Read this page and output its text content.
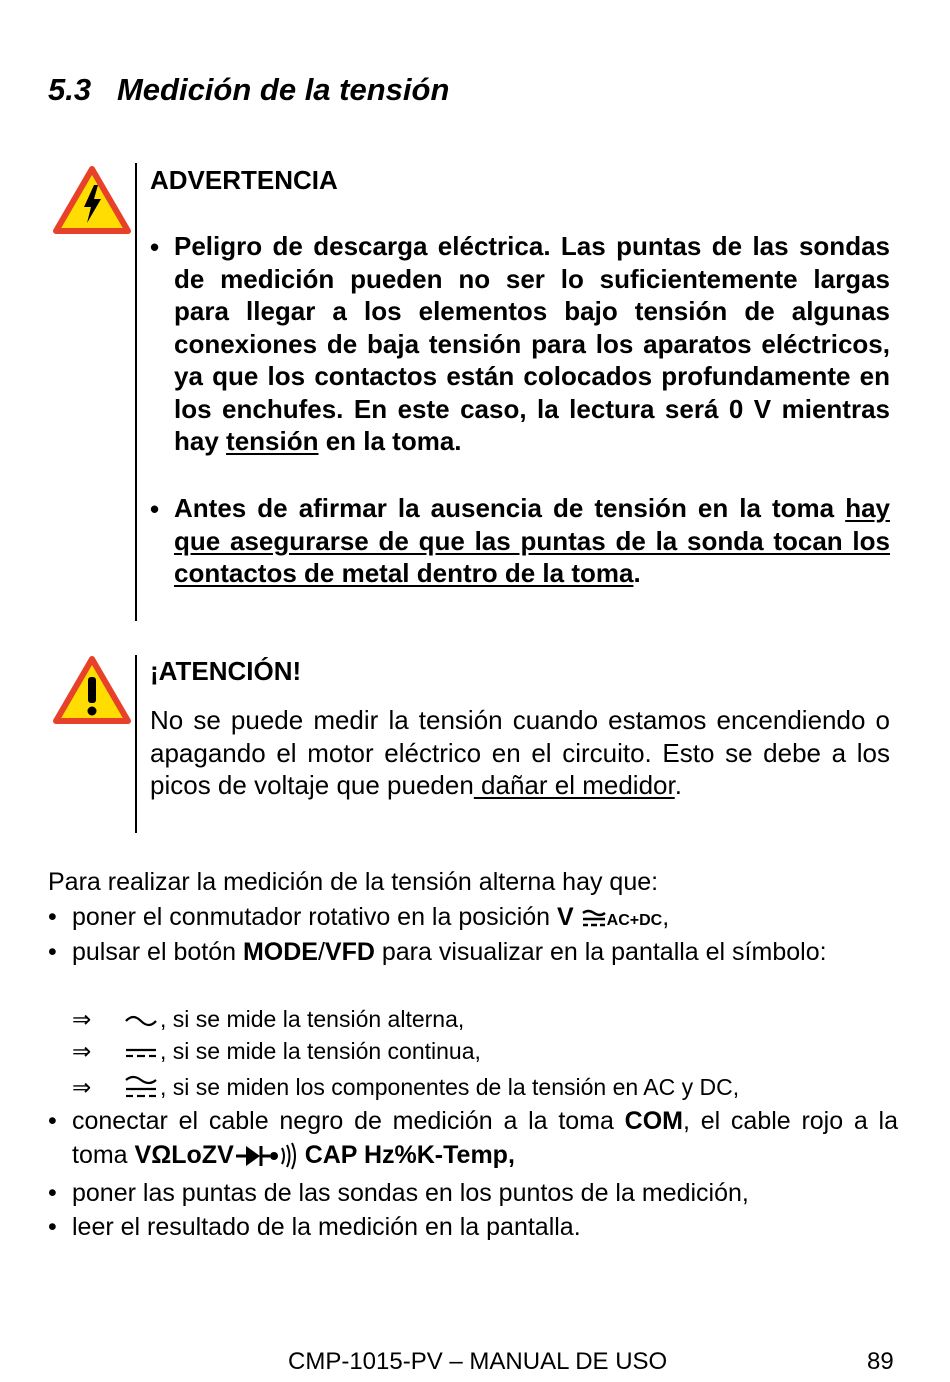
5.3 Medición de la tensión
ADVERTENCIA
• Peligro de descarga eléctrica. Las puntas de las sondas de medición pueden no ser lo suficientemente largas para llegar a los elementos bajo tensión de algunas conexiones de baja tensión para los aparatos eléctricos, ya que los contactos están colocados profundamente en los enchufes. En este caso, la lectura será 0 V mientras hay tensión en la toma.
• Antes de afirmar la ausencia de tensión en la toma hay que asegurarse de que las puntas de la sonda tocan los contactos de metal dentro de la toma.
¡ATENCIÓN!
No se puede medir la tensión cuando estamos encendiendo o apagando el motor eléctrico en el circuito. Esto se debe a los picos de voltaje que pueden dañar el medidor.
Para realizar la medición de la tensión alterna hay que:
• poner el conmutador rotativo en la posición V AC+DC,
• pulsar el botón MODE/VFD para visualizar en la pantalla el símbolo:
⇒	, si se mide la tensión alterna,
⇒	, si se mide la tensión continua,
⇒	, si se miden los componentes de la tensión en AC y DC,
• conectar el cable negro de medición a la toma COM, el cable rojo a la toma VΩLoZV	CAP Hz%K-Temp,
• poner las puntas de las sondas en los puntos de la medición,
• leer el resultado de la medición en la pantalla.
CMP-1015-PV – MANUAL DE USO	89
